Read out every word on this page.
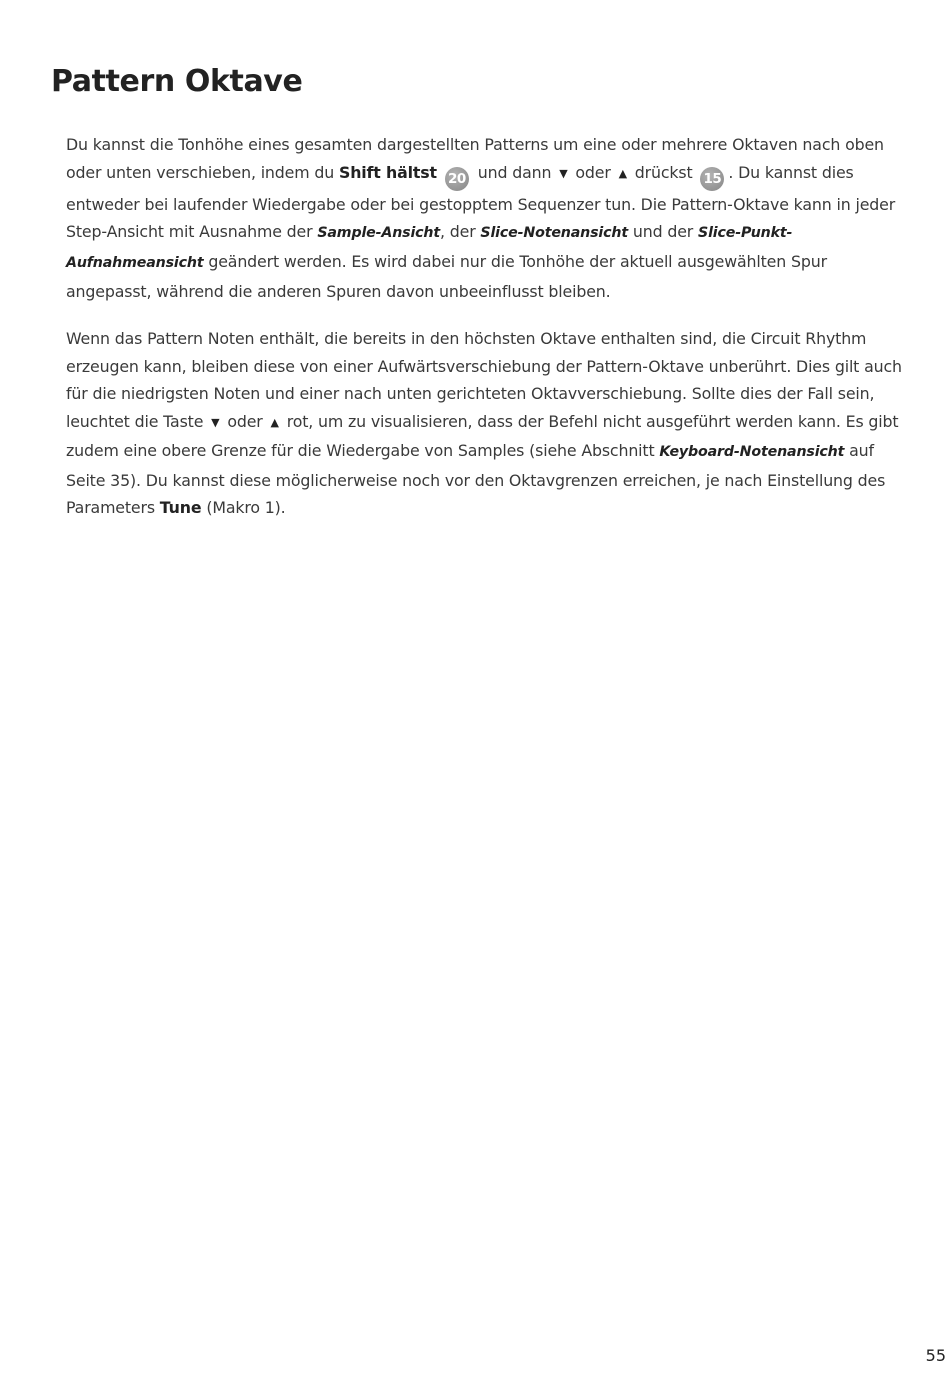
Pattern Oktave

Du kannst die Tonhöhe eines gesamten dargestellten Patterns um eine oder mehrere Oktaven nach oben oder unten verschieben, indem du Shift hältst 20 und dann ▼ oder ▲ drückst 15 . Du kannst dies entweder bei laufender Wiedergabe oder bei gestopptem Sequenzer tun. Die Pattern-Oktave kann in jeder Step-Ansicht mit Ausnahme der Sample-Ansicht, der Slice-Notenansicht und der Slice-Punkt-Aufnahmeansicht geändert werden. Es wird dabei nur die Tonhöhe der aktuell ausgewählten Spur angepasst, während die anderen Spuren davon unbeeinflusst bleiben.

Wenn das Pattern Noten enthält, die bereits in den höchsten Oktave enthalten sind, die Circuit Rhythm erzeugen kann, bleiben diese von einer Aufwärtsverschiebung der Pattern-Oktave unberührt. Dies gilt auch für die niedrigsten Noten und einer nach unten gerichteten Oktavverschiebung. Sollte dies der Fall sein, leuchtet die Taste ▼ oder ▲ rot, um zu visualisieren, dass der Befehl nicht ausgeführt werden kann. Es gibt zudem eine obere Grenze für die Wiedergabe von Samples (siehe Abschnitt Keyboard-Notenansicht auf Seite 35). Du kannst diese möglicherweise noch vor den Oktavgrenzen erreichen, je nach Einstellung des Parameters Tune (Makro 1).

55
